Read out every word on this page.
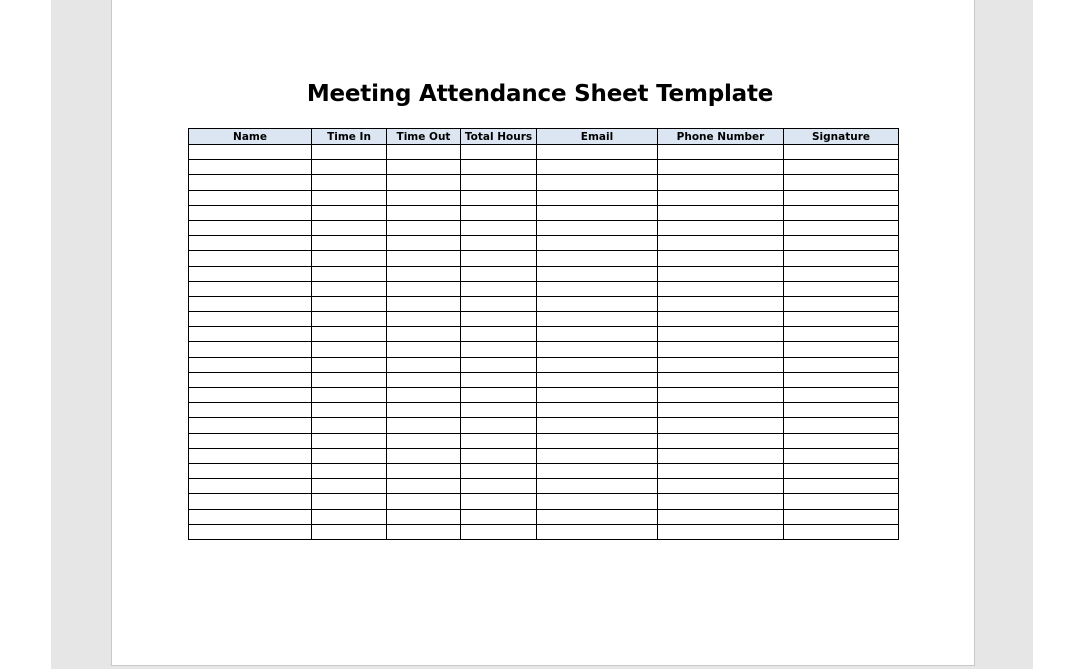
Meeting Attendance Sheet Template
Name	Time In	Time Out	Total Hours	Email	Phone Number	Signature
